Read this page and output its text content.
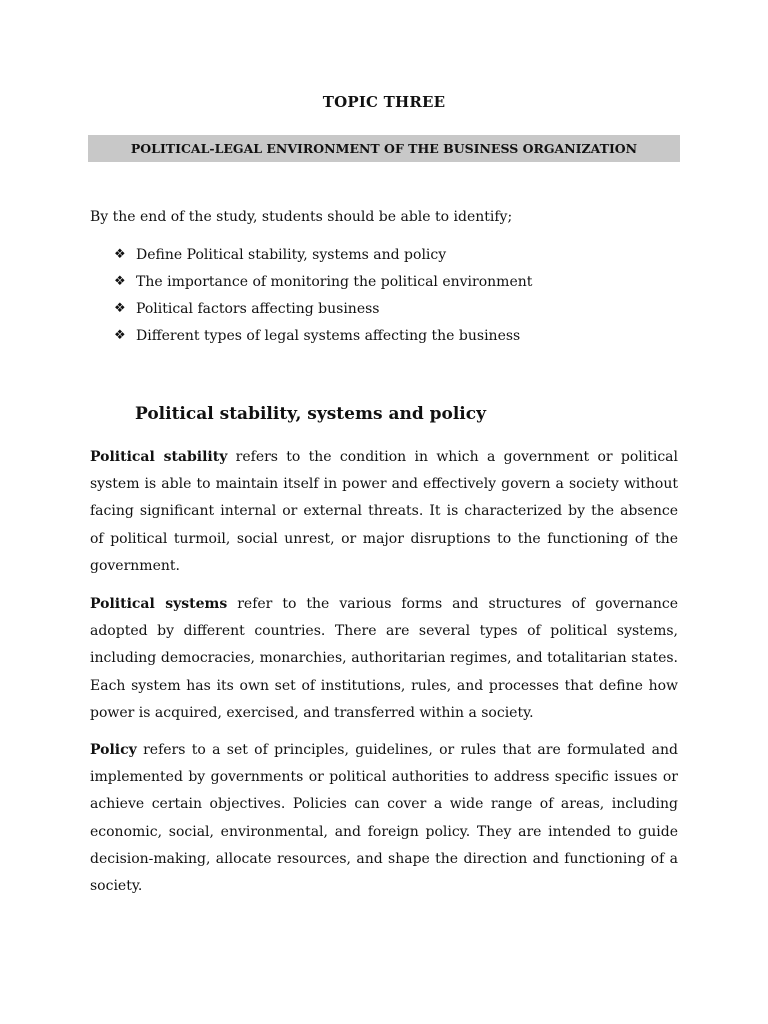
TOPIC THREE
POLITICAL-LEGAL ENVIRONMENT OF THE BUSINESS ORGANIZATION
By the end of the study, students should be able to identify;
❖ Define Political stability, systems and policy
❖ The importance of monitoring the political environment
❖ Political factors affecting business
❖ Different types of legal systems affecting the business
Political stability, systems and policy

Political stability refers to the condition in which a government or political system is able to maintain itself in power and effectively govern a society without facing significant internal or external threats. It is characterized by the absence of political turmoil, social unrest, or major disruptions to the functioning of the government.

Political systems refer to the various forms and structures of governance adopted by different countries. There are several types of political systems, including democracies, monarchies, authoritarian regimes, and totalitarian states. Each system has its own set of institutions, rules, and processes that define how power is acquired, exercised, and transferred within a society.

Policy refers to a set of principles, guidelines, or rules that are formulated and implemented by governments or political authorities to address specific issues or achieve certain objectives. Policies can cover a wide range of areas, including economic, social, environmental, and foreign policy. They are intended to guide decision-making, allocate resources, and shape the direction and functioning of a society.
